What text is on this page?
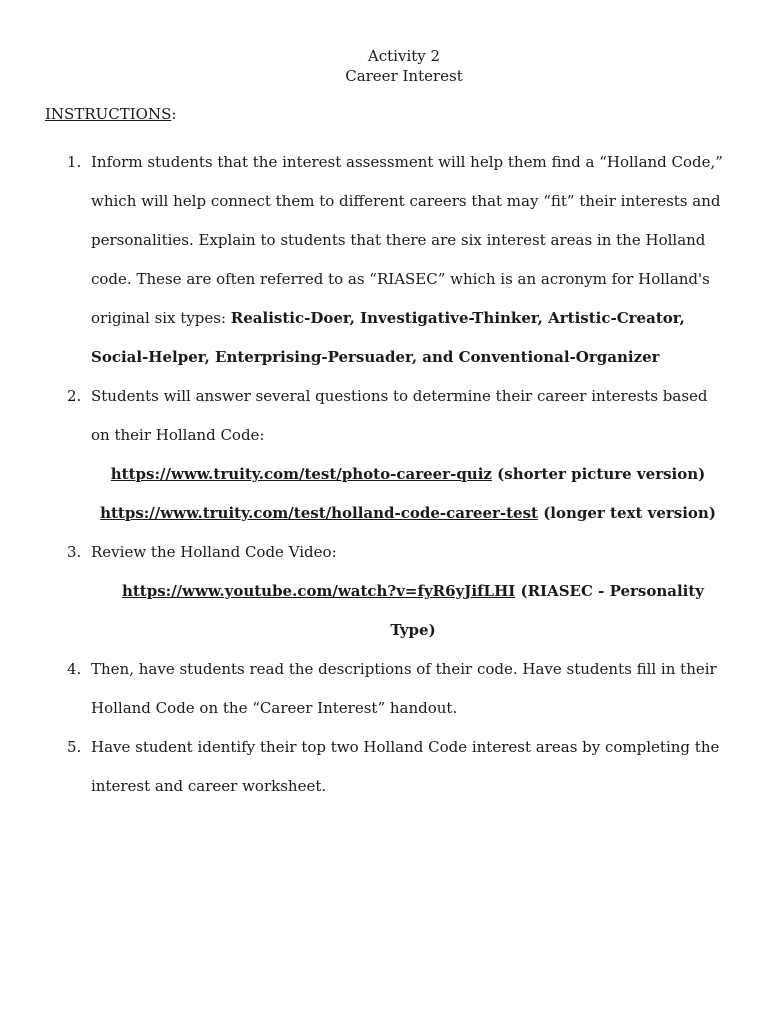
Activity 2
Career Interest
INSTRUCTIONS:
1. Inform students that the interest assessment will help them find a “Holland Code,” which will help connect them to different careers that may “fit” their interests and personalities. Explain to students that there are six interest areas in the Holland code. These are often referred to as “RIASEC” which is an acronym for Holland's original six types: Realistic-Doer, Investigative-Thinker, Artistic-Creator, Social-Helper, Enterprising-Persuader, and Conventional-Organizer
2. Students will answer several questions to determine their career interests based on their Holland Code:
https://www.truity.com/test/photo-career-quiz (shorter picture version)
https://www.truity.com/test/holland-code-career-test (longer text version)
3. Review the Holland Code Video:
https://www.youtube.com/watch?v=fyR6yJifLHI (RIASEC - Personality Type)
4. Then, have students read the descriptions of their code. Have students fill in their Holland Code on the “Career Interest” handout.
5. Have student identify their top two Holland Code interest areas by completing the interest and career worksheet.
